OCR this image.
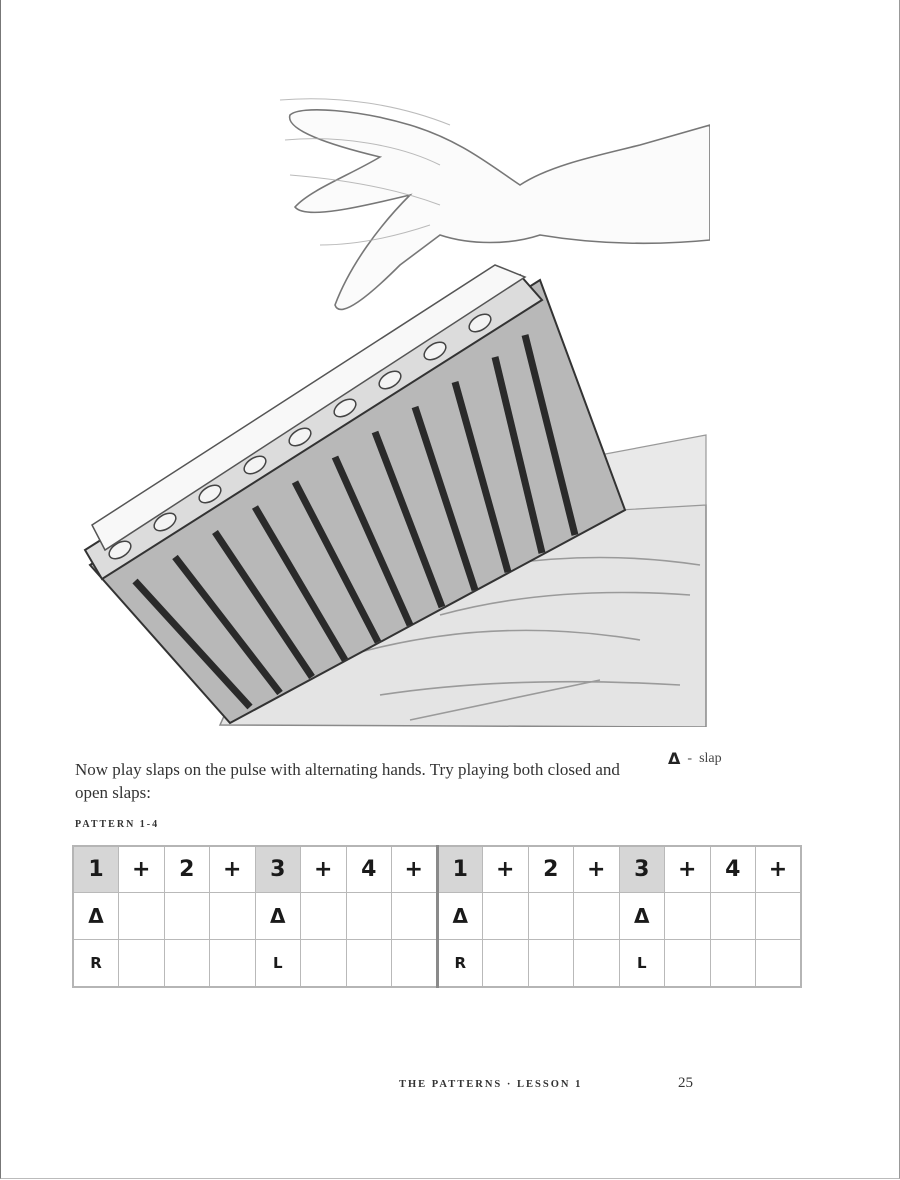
Now play slaps on the pulse with alternating hands. Try playing both closed and open slaps:
Δ - slap
PATTERN 1-4
1	+	2	+	3	+	4	+	1	+	2	+	3	+	4	+
Δ				Δ				Δ				Δ			
R				L				R				L			
THE PATTERNS · LESSON 1	25
